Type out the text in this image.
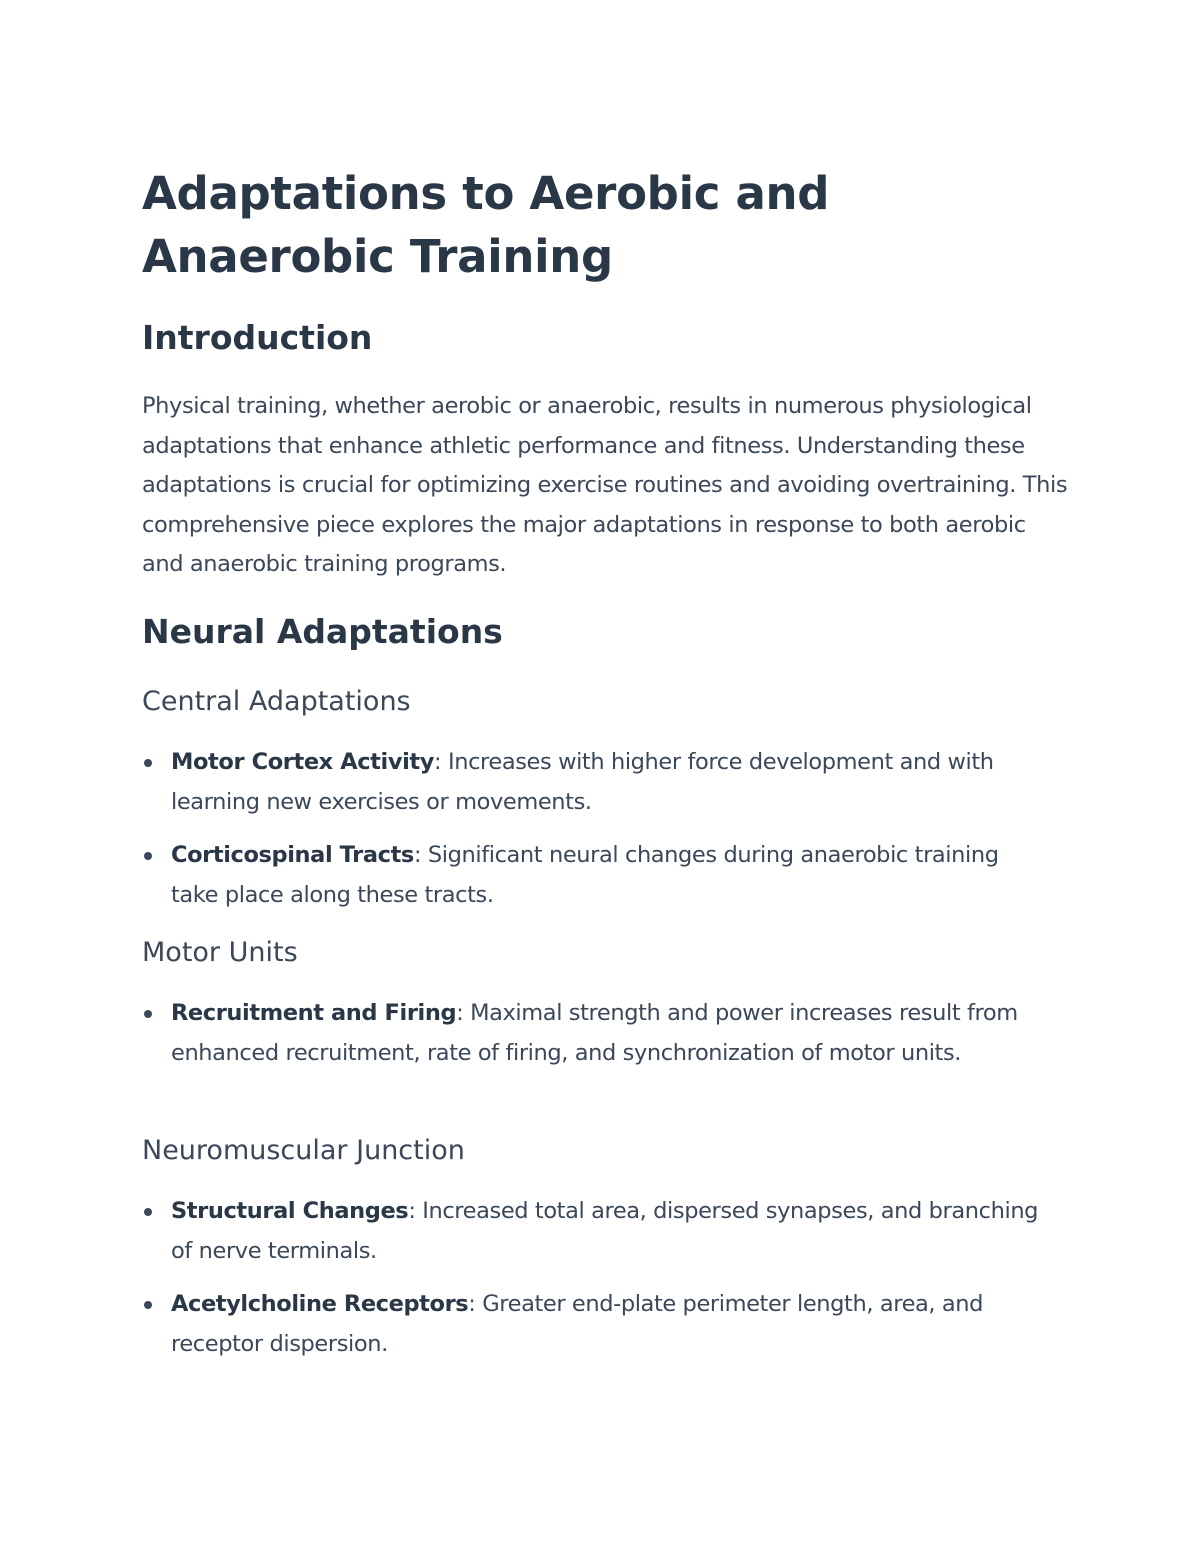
Adaptations to Aerobic and Anaerobic Training
Introduction

Physical training, whether aerobic or anaerobic, results in numerous physiological adaptations that enhance athletic performance and fitness. Understanding these adaptations is crucial for optimizing exercise routines and avoiding overtraining. This comprehensive piece explores the major adaptations in response to both aerobic and anaerobic training programs.

Neural Adaptations
Central Adaptations
Motor Cortex Activity: Increases with higher force development and with learning new exercises or movements.
Corticospinal Tracts: Significant neural changes during anaerobic training take place along these tracts.
Motor Units
Recruitment and Firing: Maximal strength and power increases result from enhanced recruitment, rate of firing, and synchronization of motor units.
Neuromuscular Junction
Structural Changes: Increased total area, dispersed synapses, and branching of nerve terminals.
Acetylcholine Receptors: Greater end-plate perimeter length, area, and receptor dispersion.
